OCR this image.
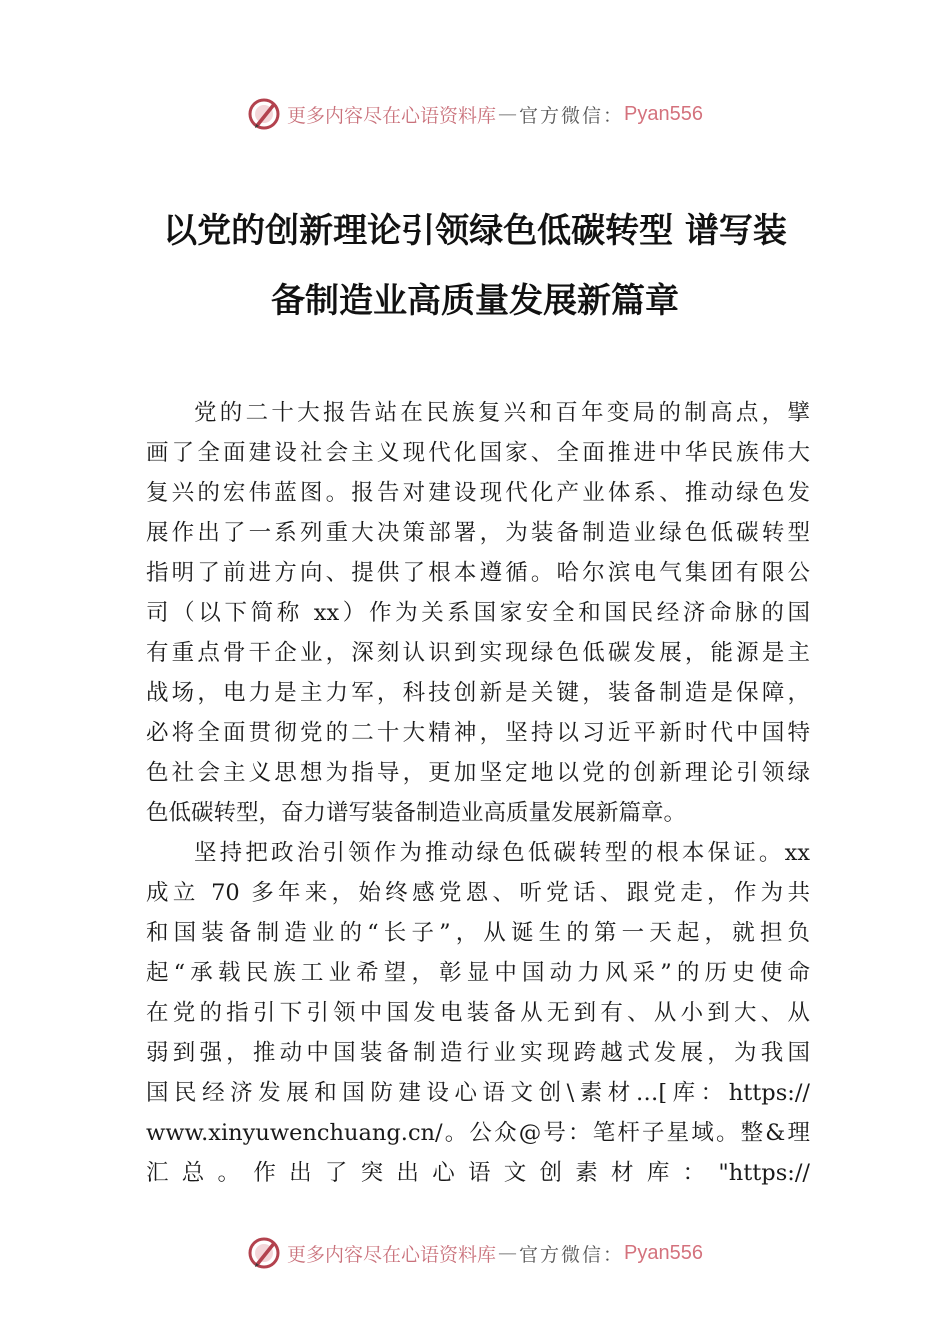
更多内容尽在心语资料库 — 官方微信： Pyan556
以党的创新理论引领绿色低碳转型 谱写装
备制造业高质量发展新篇章
党的二十大报告站在民族复兴和百年变局的制高点，擘
画了全面建设社会主义现代化国家、全面推进中华民族伟大
复兴的宏伟蓝图。报告对建设现代化产业体系、推动绿色发
展作出了一系列重大决策部署，为装备制造业绿色低碳转型
指明了前进方向、提供了根本遵循。哈尔滨电气集团有限公
司（以下简称 xx）作为关系国家安全和国民经济命脉的国
有重点骨干企业，深刻认识到实现绿色低碳发展，能源是主
战场，电力是主力军，科技创新是关键，装备制造是保障，
必将全面贯彻党的二十大精神，坚持以习近平新时代中国特
色社会主义思想为指导，更加坚定地以党的创新理论引领绿
色低碳转型，奋力谱写装备制造业高质量发展新篇章。
坚持把政治引领作为推动绿色低碳转型的根本保证。xx
成立 70 多年来，始终感党恩、听党话、跟党走，作为共
和国装备制造业的“长子”，从诞生的第一天起，就担负
起“承载民族工业希望，彰显中国动力风采”的历史使命
在党的指引下引领中国发电装备从无到有、从小到大、从
弱到强，推动中国装备制造行业实现跨越式发展，为我国
国民经济发展和国防建设心语文创\素材…[库：https://
www.xinyuwenchuang.cn/。公众@号：笔杆子星域。整&理
汇总。作出了突出心语文创素材库："https://
更多内容尽在心语资料库 — 官方微信： Pyan556
